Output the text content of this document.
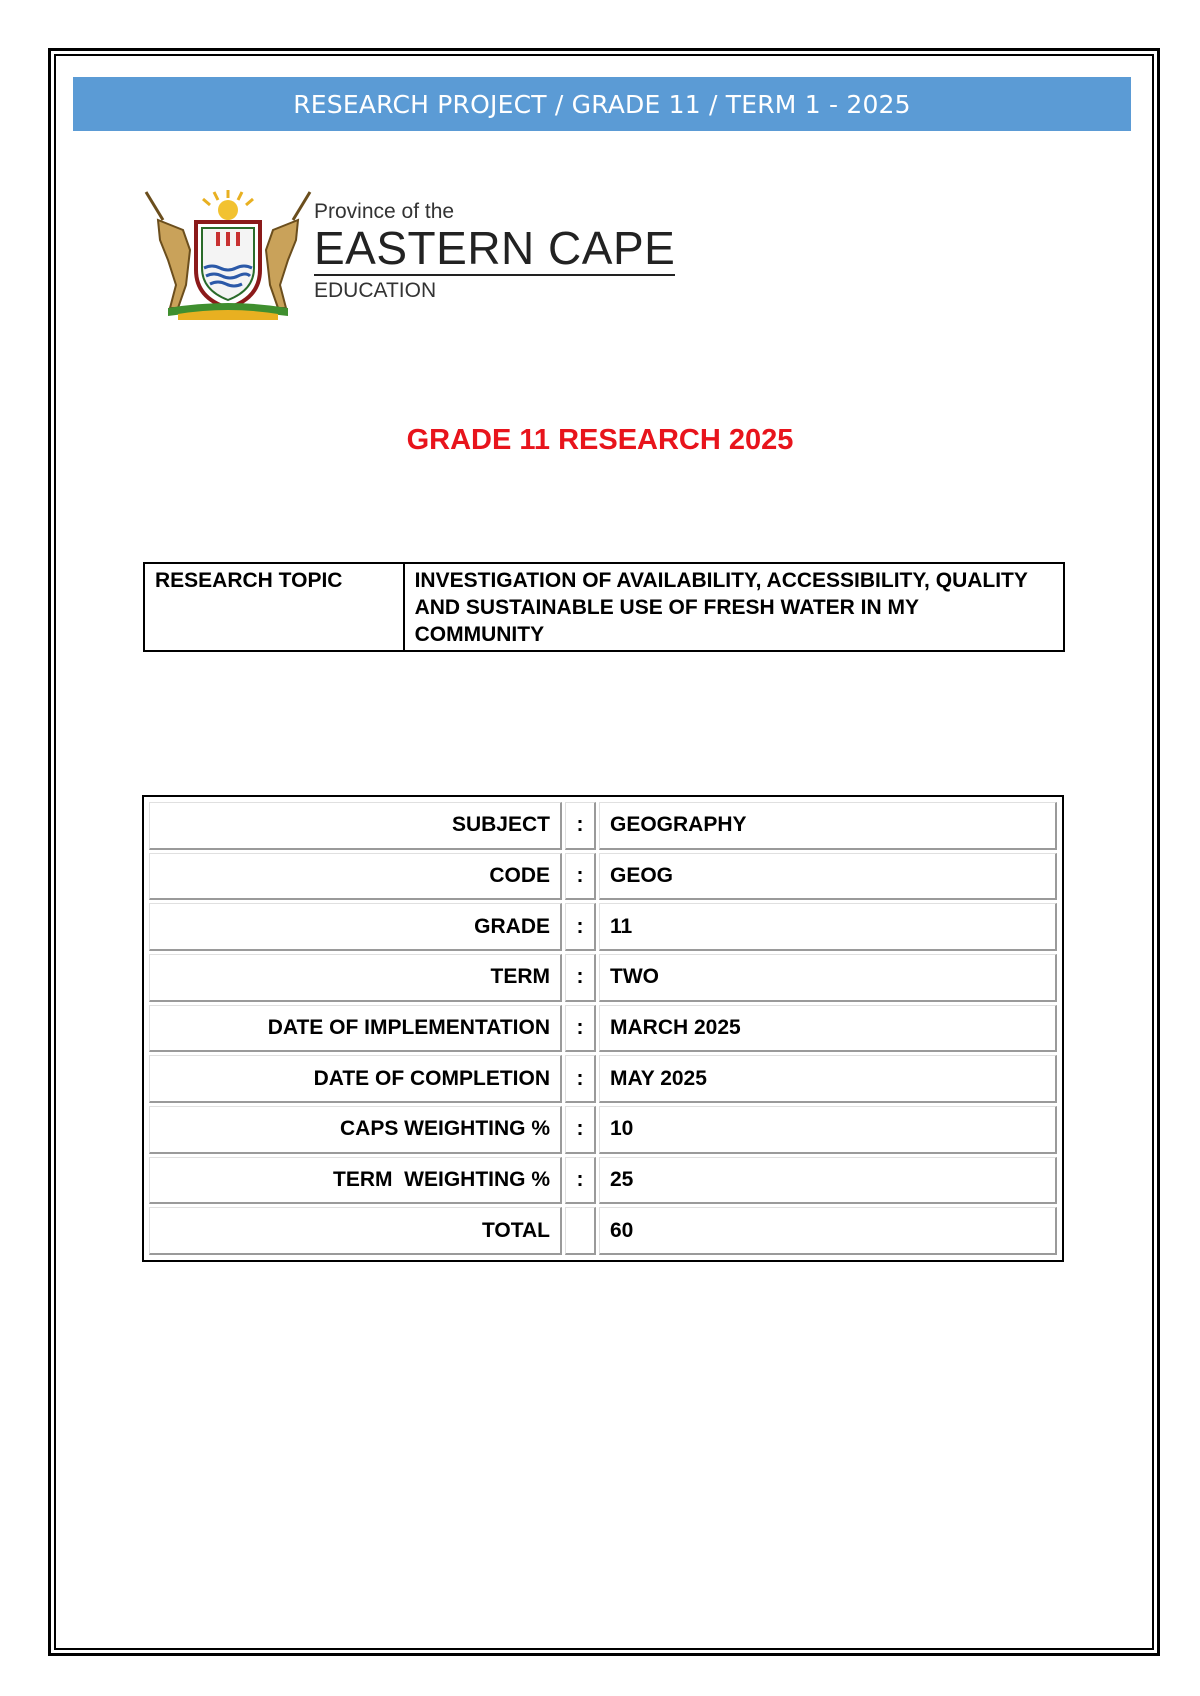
RESEARCH PROJECT / GRADE 11 / TERM 1 - 2025
Province of the
EASTERN CAPE
EDUCATION
GRADE 11 RESEARCH 2025
RESEARCH TOPIC	INVESTIGATION OF AVAILABILITY, ACCESSIBILITY, QUALITY AND SUSTAINABLE USE OF FRESH WATER IN MY COMMUNITY
SUBJECT	:	GEOGRAPHY
CODE	:	GEOG
GRADE	:	11
TERM	:	TWO
DATE OF IMPLEMENTATION	:	MARCH 2025
DATE OF COMPLETION	:	MAY 2025
CAPS WEIGHTING %	:	10
TERM  WEIGHTING %	:	25
TOTAL		60
